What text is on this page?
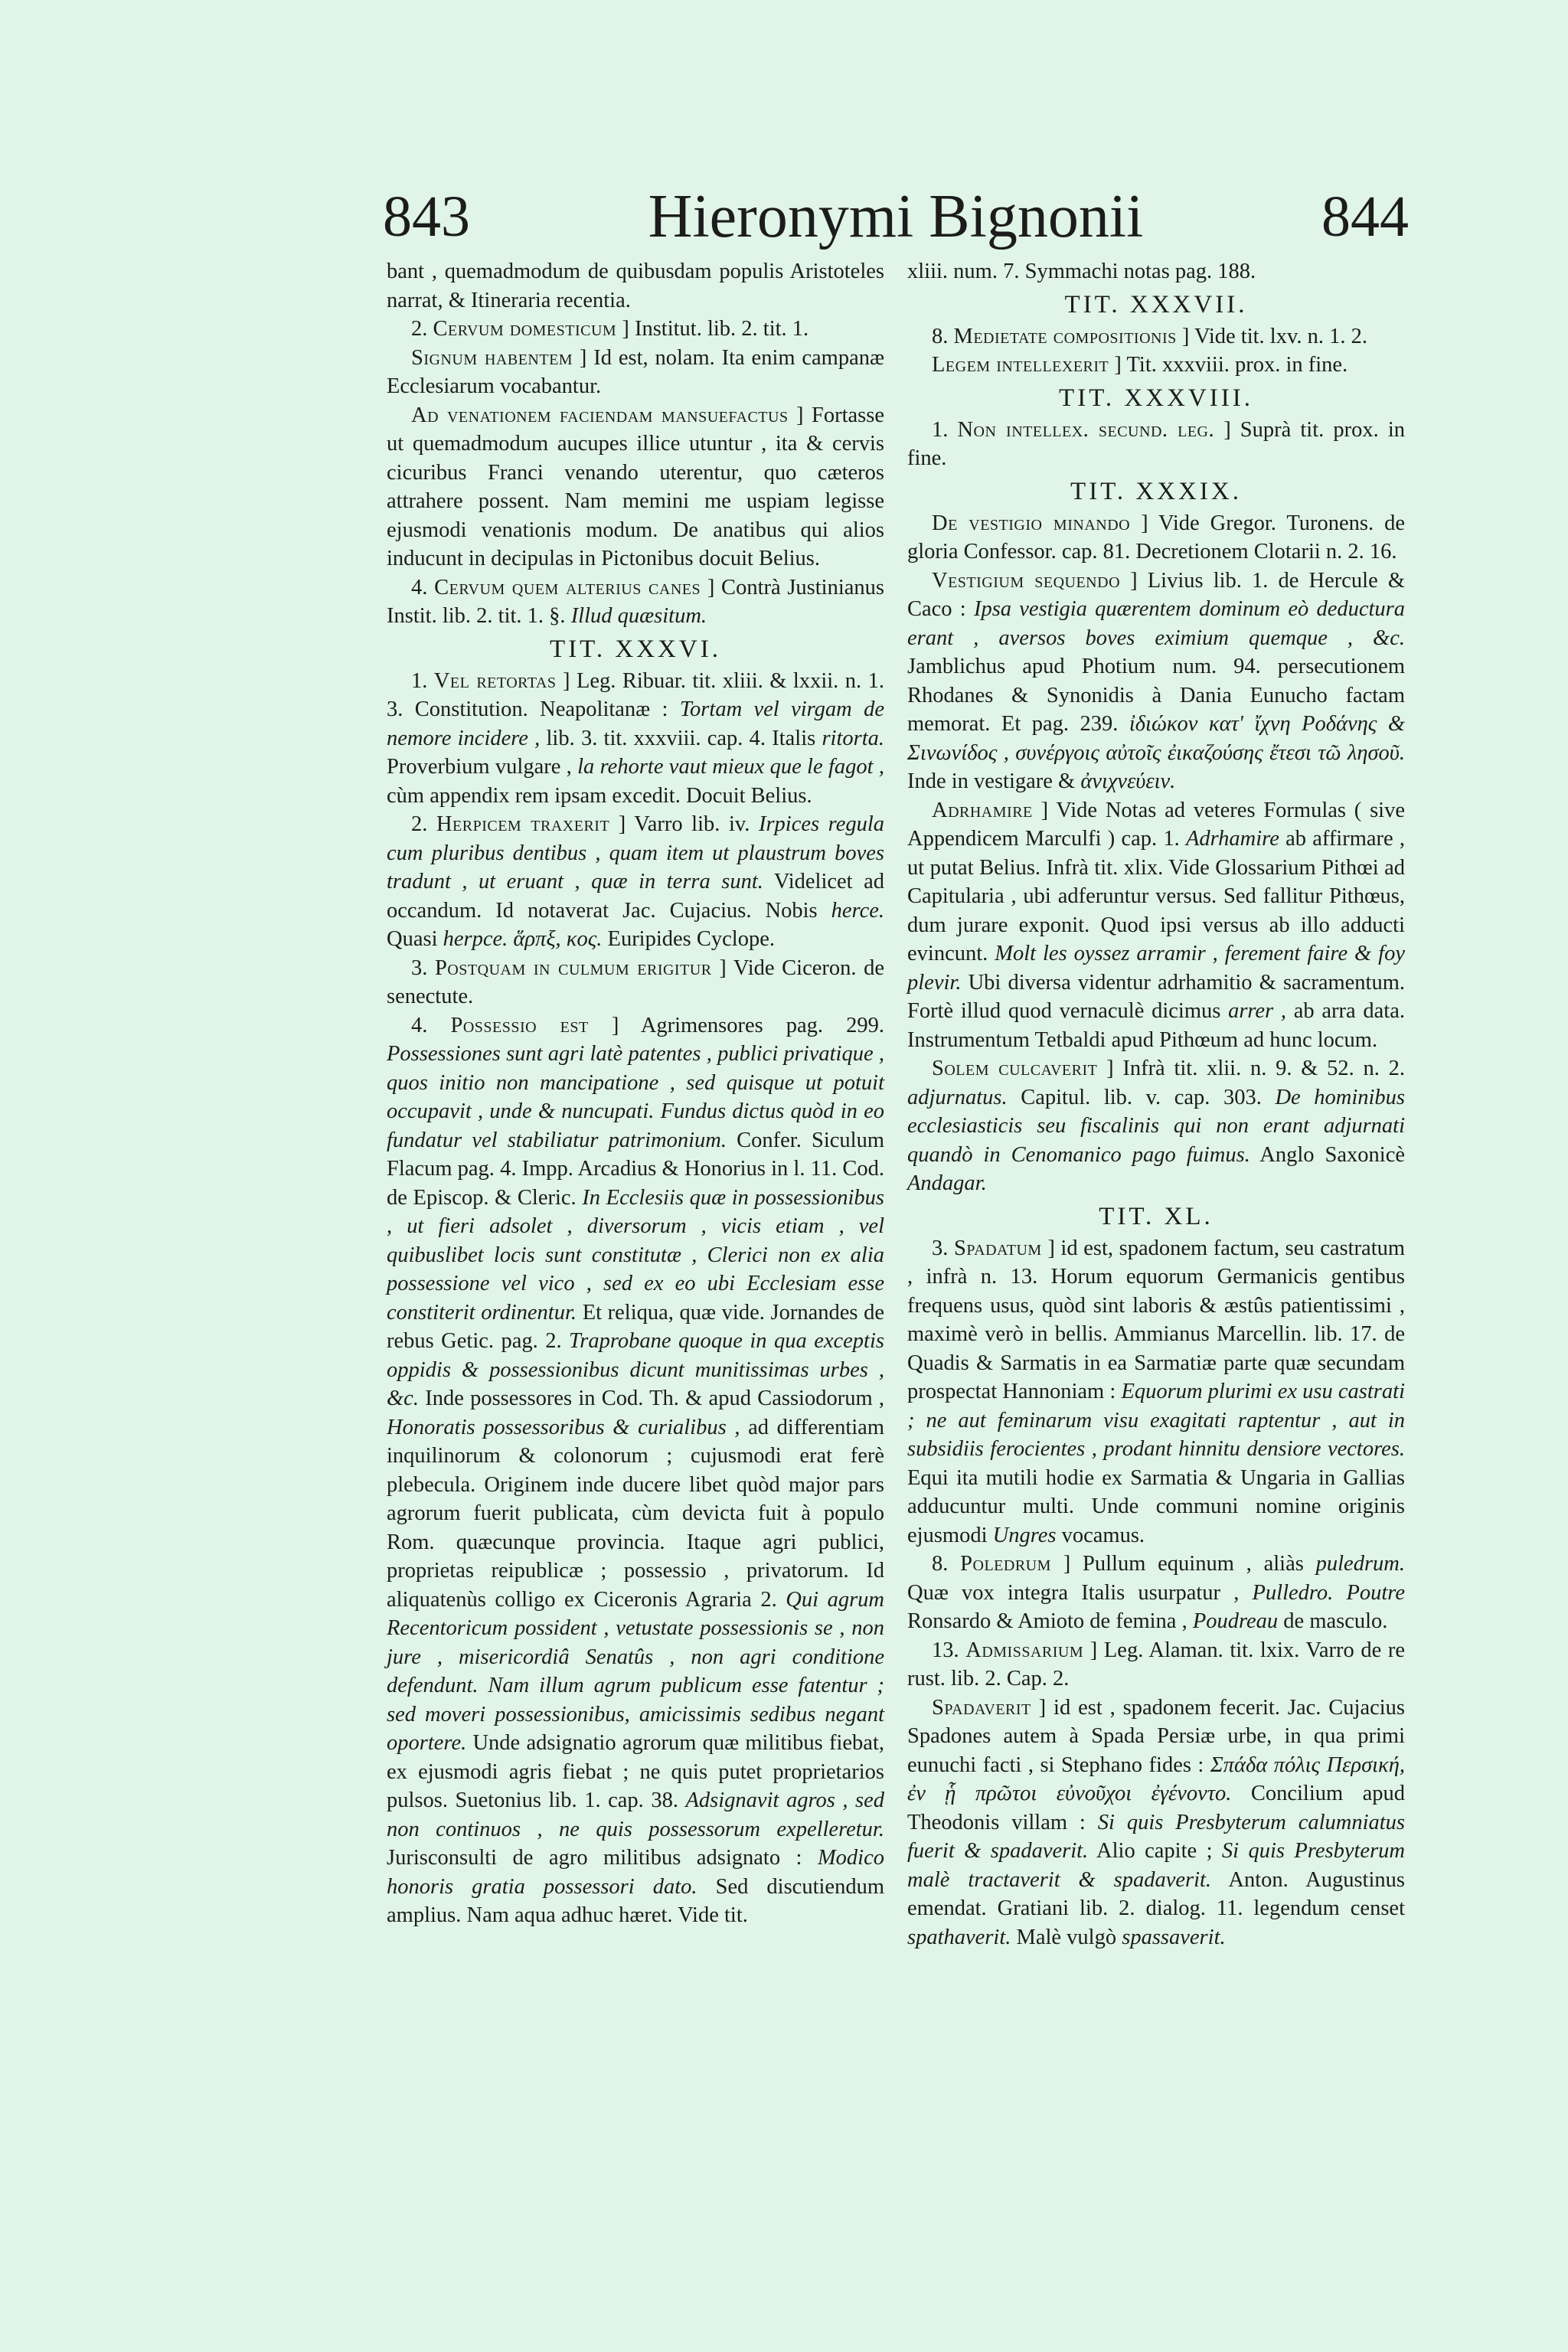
843	Hieronymi Bignonii	844

bant , quemadmodum de quibusdam populis Aristoteles narrat, & Itineraria recentia.

2. Cervum domesticum ] Institut. lib. 2. tit. 1.

Signum habentem ] Id est, nolam. Ita enim campanæ Ecclesiarum vocabantur.

Ad venationem faciendam mansuefactus ] Fortasse ut quemadmodum aucupes illice utuntur , ita & cervis cicuribus Franci venando uterentur, quo cæteros attrahere possent. Nam memini me uspiam legisse ejusmodi venationis modum. De anatibus qui alios inducunt in decipulas in Pictonibus docuit Belius.

4. Cervum quem alterius canes ] Contrà Justinianus Instit. lib. 2. tit. 1. §. Illud quæsitum.

TIT. XXXVI.

1. Vel retortas ] Leg. Ribuar. tit. xliii. & lxxii. n. 1. 3. Constitution. Neapolitanæ : Tortam vel virgam de nemore incidere , lib. 3. tit. xxxviii. cap. 4. Italis ritorta. Proverbium vulgare , la rehorte vaut mieux que le fagot , cùm appendix rem ipsam excedit. Docuit Belius.

2. Herpicem traxerit ] Varro lib. iv. Irpices regula cum pluribus dentibus , quam item ut plaustrum boves tradunt , ut eruant , quæ in terra sunt. Videlicet ad occandum. Id notaverat Jac. Cujacius. Nobis herce. Quasi herpce. ἅρπξ, κος. Euripides Cyclope.

3. Postquam in culmum erigitur ] Vide Ciceron. de senectute.

4. Possessio est ] Agrimensores pag. 299. Possessiones sunt agri latè patentes , publici privatique , quos initio non mancipatione , sed quisque ut potuit occupavit , unde & nuncupati. Fundus dictus quòd in eo fundatur vel stabiliatur patrimonium. Confer. Siculum Flacum pag. 4. Impp. Arcadius & Honorius in l. 11. Cod. de Episcop. & Cleric. In Ecclesiis quæ in possessionibus , ut fieri adsolet , diversorum , vicis etiam , vel quibuslibet locis sunt constitutæ , Clerici non ex alia possessione vel vico , sed ex eo ubi Ecclesiam esse constiterit ordinentur. Et reliqua, quæ vide. Jornandes de rebus Getic. pag. 2. Traprobane quoque in qua exceptis oppidis & possessionibus dicunt munitissimas urbes , &c. Inde possessores in Cod. Th. & apud Cassiodorum , Honoratis possessoribus & curialibus , ad differentiam inquilinorum & colonorum ; cujusmodi erat ferè plebecula. Originem inde ducere libet quòd major pars agrorum fuerit publicata, cùm devicta fuit à populo Rom. quæcunque provincia. Itaque agri publici, proprietas reipublicæ ; possessio , privatorum. Id aliquatenùs colligo ex Ciceronis Agraria 2. Qui agrum Recentoricum possident , vetustate possessionis se , non jure , misericordiâ Senatûs , non agri conditione defendunt. Nam illum agrum publicum esse fatentur ; sed moveri possessionibus, amicissimis sedibus negant oportere. Unde adsignatio agrorum quæ militibus fiebat, ex ejusmodi agris fiebat ; ne quis putet proprietarios pulsos. Suetonius lib. 1. cap. 38. Adsignavit agros , sed non continuos , ne quis possessorum expelleretur. Jurisconsulti de agro militibus adsignato : Modico honoris gratia possessori dato. Sed discutiendum amplius. Nam aqua adhuc hæret. Vide tit.

xliii. num. 7. Symmachi notas pag. 188.

TIT. XXXVII.

8. Medietate compositionis ] Vide tit. lxv. n. 1. 2.

Legem intellexerit ] Tit. xxxviii. prox. in fine.

TIT. XXXVIII.

1. Non intellex. secund. leg. ] Suprà tit. prox. in fine.

TIT. XXXIX.

De vestigio minando ] Vide Gregor. Turonens. de gloria Confessor. cap. 81. Decretionem Clotarii n. 2. 16.

Vestigium sequendo ] Livius lib. 1. de Hercule & Caco : Ipsa vestigia quærentem dominum eò deducturа erant , aversos boves eximium quemque , &c. Jamblichus apud Photium num. 94. persecutionem Rhodanes & Synonidis à Dania Eunucho factam memorat. Et pag. 239. ἰδιώκον κατ' ἴχνη Ροδάνης & Σινωνίδος , συνέργοις αὐτοῖς ἐικαζούσης ἔτεσι τῶ λησοῦ. Inde in vestigare & ἀνιχνεύειν.

Adrhamire ] Vide Notas ad veteres Formulas ( sive Appendicem Marculfi ) cap. 1. Adrhamire ab affirmare , ut putat Belius. Infrà tit. xlix. Vide Glossarium Pithœi ad Capitularia , ubi adferuntur versus. Sed fallitur Pithœus, dum jurare exponit. Quod ipsi versus ab illo adducti evincunt. Molt les oyssez arramir , ferement faire & foy plevir. Ubi diversa videntur adrhamitio & sacramentum. Fortè illud quod vernaculè dicimus arrer , ab arra data. Instrumentum Tetbaldi apud Pithœum ad hunc locum.

Solem culcaverit ] Infrà tit. xlii. n. 9. & 52. n. 2. adjurnatus. Capitul. lib. v. cap. 303. De hominibus ecclesiasticis seu fiscalinis qui non erant adjurnati quandò in Cenomanico pago fuimus. Anglo Saxonicè Andagar.

TIT. XL.

3. Spadatum ] id est, spadonem factum, seu castratum , infrà n. 13. Horum equorum Germanicis gentibus frequens usus, quòd sint laboris & æstûs patientissimi , maximè verò in bellis. Ammianus Marcellin. lib. 17. de Quadis & Sarmatis in ea Sarmatiæ parte quæ secundam prospectat Hannoniam : Equorum plurimi ex usu castrati ; ne aut feminarum visu exagitati raptentur , aut in subsidiis ferocientes , prodant hinnitu densiore vectores. Equi ita mutili hodie ex Sarmatia & Ungaria in Gallias adducuntur multi. Unde communi nomine originis ejusmodi Ungres vocamus.

8. Poledrum ] Pullum equinum , aliàs puledrum. Quæ vox integra Italis usurpatur , Pulledro. Poutre Ronsardo & Amioto de femina , Poudreau de masculo.

13. Admissarium ] Leg. Alaman. tit. lxix. Varro de re rust. lib. 2. Cap. 2.

Spadaverit ] id est , spadonem fecerit. Jac. Cujacius Spadones autem à Spada Persiæ urbe, in qua primi eunuchi facti , si Stephano fides : Σπάδα πόλις Περσική, ἐν ᾗ πρῶτοι εὐνοῦχοι ἐγένοντο. Concilium apud Theodonis villam : Si quis Presbyterum calumniatus fuerit & spadaverit. Alio capite ; Si quis Presbyterum malè tractaverit & spadaverit. Anton. Augustinus emendat. Gratiani lib. 2. dialog. 11. legendum censet spathaverit. Malè vulgò spassaverit.
